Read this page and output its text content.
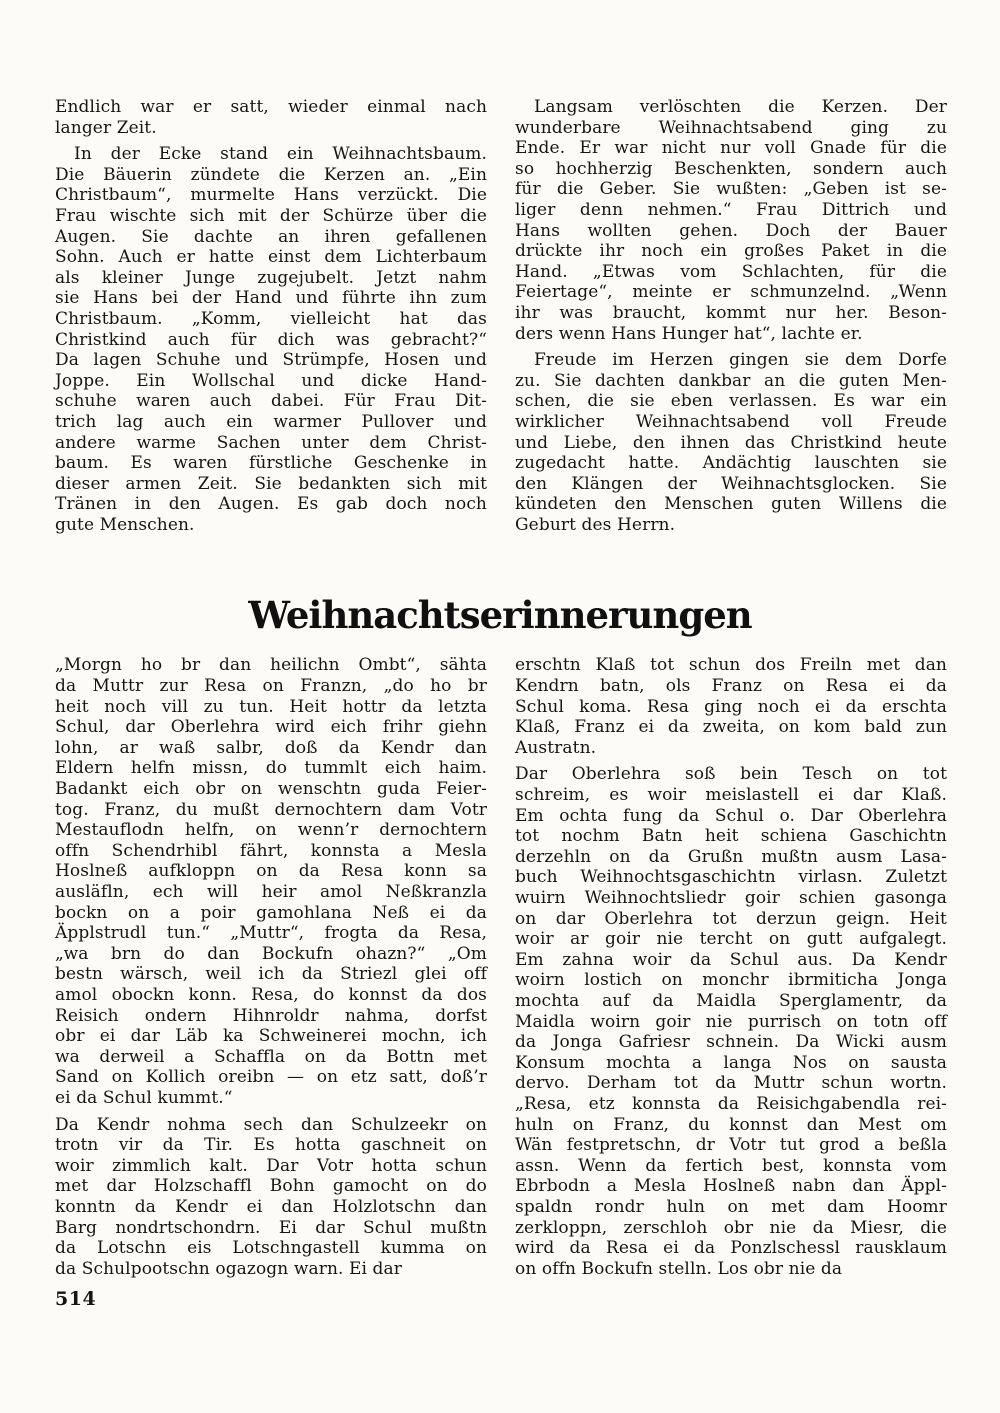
Endlich war er satt, wieder einmal nach
langer Zeit.
In der Ecke stand ein Weihnachtsbaum.
Die Bäuerin zündete die Kerzen an. „Ein
Christbaum“, murmelte Hans verzückt. Die
Frau wischte sich mit der Schürze über die
Augen. Sie dachte an ihren gefallenen
Sohn. Auch er hatte einst dem Lichterbaum
als kleiner Junge zugejubelt. Jetzt nahm
sie Hans bei der Hand und führte ihn zum
Christbaum. „Komm, vielleicht hat das
Christkind auch für dich was gebracht?“
Da lagen Schuhe und Strümpfe, Hosen und
Joppe. Ein Wollschal und dicke Hand-
schuhe waren auch dabei. Für Frau Dit-
trich lag auch ein warmer Pullover und
andere warme Sachen unter dem Christ-
baum. Es waren fürstliche Geschenke in
dieser armen Zeit. Sie bedankten sich mit
Tränen in den Augen. Es gab doch noch
gute Menschen.
Langsam verlöschten die Kerzen. Der
wunderbare Weihnachtsabend ging zu
Ende. Er war nicht nur voll Gnade für die
so hochherzig Beschenkten, sondern auch
für die Geber. Sie wußten: „Geben ist se-
liger denn nehmen.“ Frau Dittrich und
Hans wollten gehen. Doch der Bauer
drückte ihr noch ein großes Paket in die
Hand. „Etwas vom Schlachten, für die
Feiertage“, meinte er schmunzelnd. „Wenn
ihr was braucht, kommt nur her. Beson-
ders wenn Hans Hunger hat“, lachte er.
Freude im Herzen gingen sie dem Dorfe
zu. Sie dachten dankbar an die guten Men-
schen, die sie eben verlassen. Es war ein
wirklicher Weihnachtsabend voll Freude
und Liebe, den ihnen das Christkind heute
zugedacht hatte. Andächtig lauschten sie
den Klängen der Weihnachtsglocken. Sie
kündeten den Menschen guten Willens die
Geburt des Herrn.
Weihnachtserinnerungen
„Morgn ho br dan heilichn Ombt“, sähta
da Muttr zur Resa on Franzn, „do ho br
heit noch vill zu tun. Heit hottr da letzta
Schul, dar Oberlehra wird eich frihr giehn
lohn, ar waß salbr, doß da Kendr dan
Eldern helfn missn, do tummlt eich haim.
Badankt eich obr on wenschtn guda Feier-
tog. Franz, du mußt dernochtern dam Votr
Mestauflodn helfn, on wenn’r dernochtern
offn Schendrhibl fährt, konnsta a Mesla
Hoslneß aufkloppn on da Resa konn sa
ausläfln, ech will heir amol Neßkranzla
bockn on a poir gamohlana Neß ei da
Äpplstrudl tun.“ „Muttr“, frogta da Resa,
„wa brn do dan Bockufn ohazn?“ „Om
bestn wärsch, weil ich da Striezl glei off
amol obockn konn. Resa, do konnst da dos
Reisich ondern Hihnroldr nahma, dorfst
obr ei dar Läb ka Schweinerei mochn, ich
wa derweil a Schaffla on da Bottn met
Sand on Kollich oreibn — on etz satt, doß’r
ei da Schul kummt.“
Da Kendr nohma sech dan Schulzeekr on
trotn vir da Tir. Es hotta gaschneit on
woir zimmlich kalt. Dar Votr hotta schun
met dar Holzschaffl Bohn gamocht on do
konntn da Kendr ei dan Holzlotschn dan
Barg nondrtschondrn. Ei dar Schul mußtn
da Lotschn eis Lotschngastell kumma on
da Schulpootschn ogazogn warn. Ei dar
erschtn Klaß tot schun dos Freiln met dan
Kendrn batn, ols Franz on Resa ei da
Schul koma. Resa ging noch ei da erschta
Klaß, Franz ei da zweita, on kom bald zun
Austratn.
Dar Oberlehra soß bein Tesch on tot
schreim, es woir meislastell ei dar Klaß.
Em ochta fung da Schul o. Dar Oberlehra
tot nochm Batn heit schiena Gaschichtn
derzehln on da Grußn mußtn ausm Lasa-
buch Weihnochtsgaschichtn virlasn. Zuletzt
wuirn Weihnochtsliedr goir schien gasonga
on dar Oberlehra tot derzun geign. Heit
woir ar goir nie tercht on gutt aufgalegt.
Em zahna woir da Schul aus. Da Kendr
woirn lostich on monchr ibrmiticha Jonga
mochta auf da Maidla Sperglamentr, da
Maidla woirn goir nie purrisch on totn off
da Jonga Gafriesr schnein. Da Wicki ausm
Konsum mochta a langa Nos on sausta
dervo. Derham tot da Muttr schun wortn.
„Resa, etz konnsta da Reisichgabendla rei-
huln on Franz, du konnst dan Mest om
Wän festpretschn, dr Votr tut grod a beßla
assn. Wenn da fertich best, konnsta vom
Ebrbodn a Mesla Hoslneß nabn dan Äppl-
spaldn rondr huln on met dam Hoomr
zerkloppn, zerschloh obr nie da Miesr, die
wird da Resa ei da Ponzlschessl rausklaum
on offn Bockufn stelln. Los obr nie da
514
